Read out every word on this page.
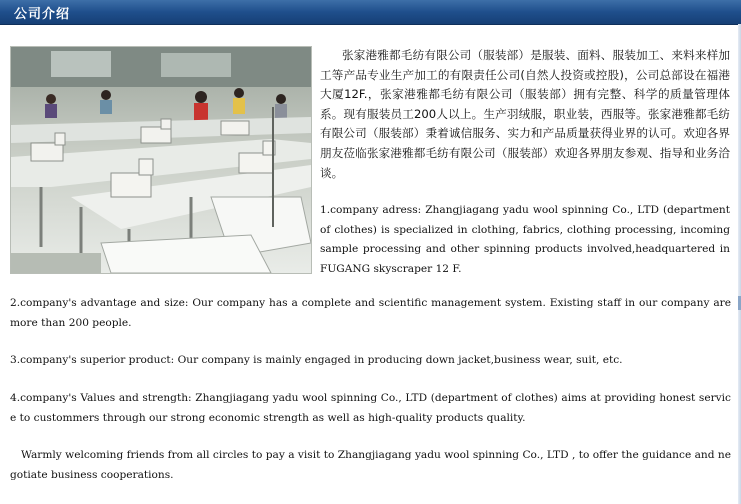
公司介绍

张家港雅都毛纺有限公司（服装部）是服装、面料、服装加工、来料来样加工等产品专业生产加工的有限责任公司(自然人投资或控股)，公司总部设在福港大厦12F.，张家港雅都毛纺有限公司（服装部）拥有完整、科学的质量管理体系。现有服装员工200人以上。生产羽绒服，职业装，西服等。张家港雅都毛纺有限公司（服装部）秉着诚信服务、实力和产品质量获得业界的认可。欢迎各界朋友莅临张家港雅都毛纺有限公司（服装部）欢迎各界朋友参观、指导和业务洽谈。

1.company adress: Zhangjiagang yadu wool spinning Co., LTD (department of clothes) is specialized in clothing, fabrics, clothing processing, incoming sample processing and other spinning products involved,headquartered in FUGANG skyscraper 12 F.

2.company's advantage and size: Our company has a complete and scientific management system. Existing staff in our company are more than 200 people.

3.company's superior product: Our company is mainly engaged in producing down jacket,business wear, suit, etc.

4.company's Values and strength: Zhangjiagang yadu wool spinning Co., LTD (department of clothes) aims at providing honest service to custommers through our strong economic strength as well as high-quality products quality.

Warmly welcoming friends from all circles to pay a visit to Zhangjiagang yadu wool spinning Co., LTD , to offer the guidance and negotiate business cooperations.
